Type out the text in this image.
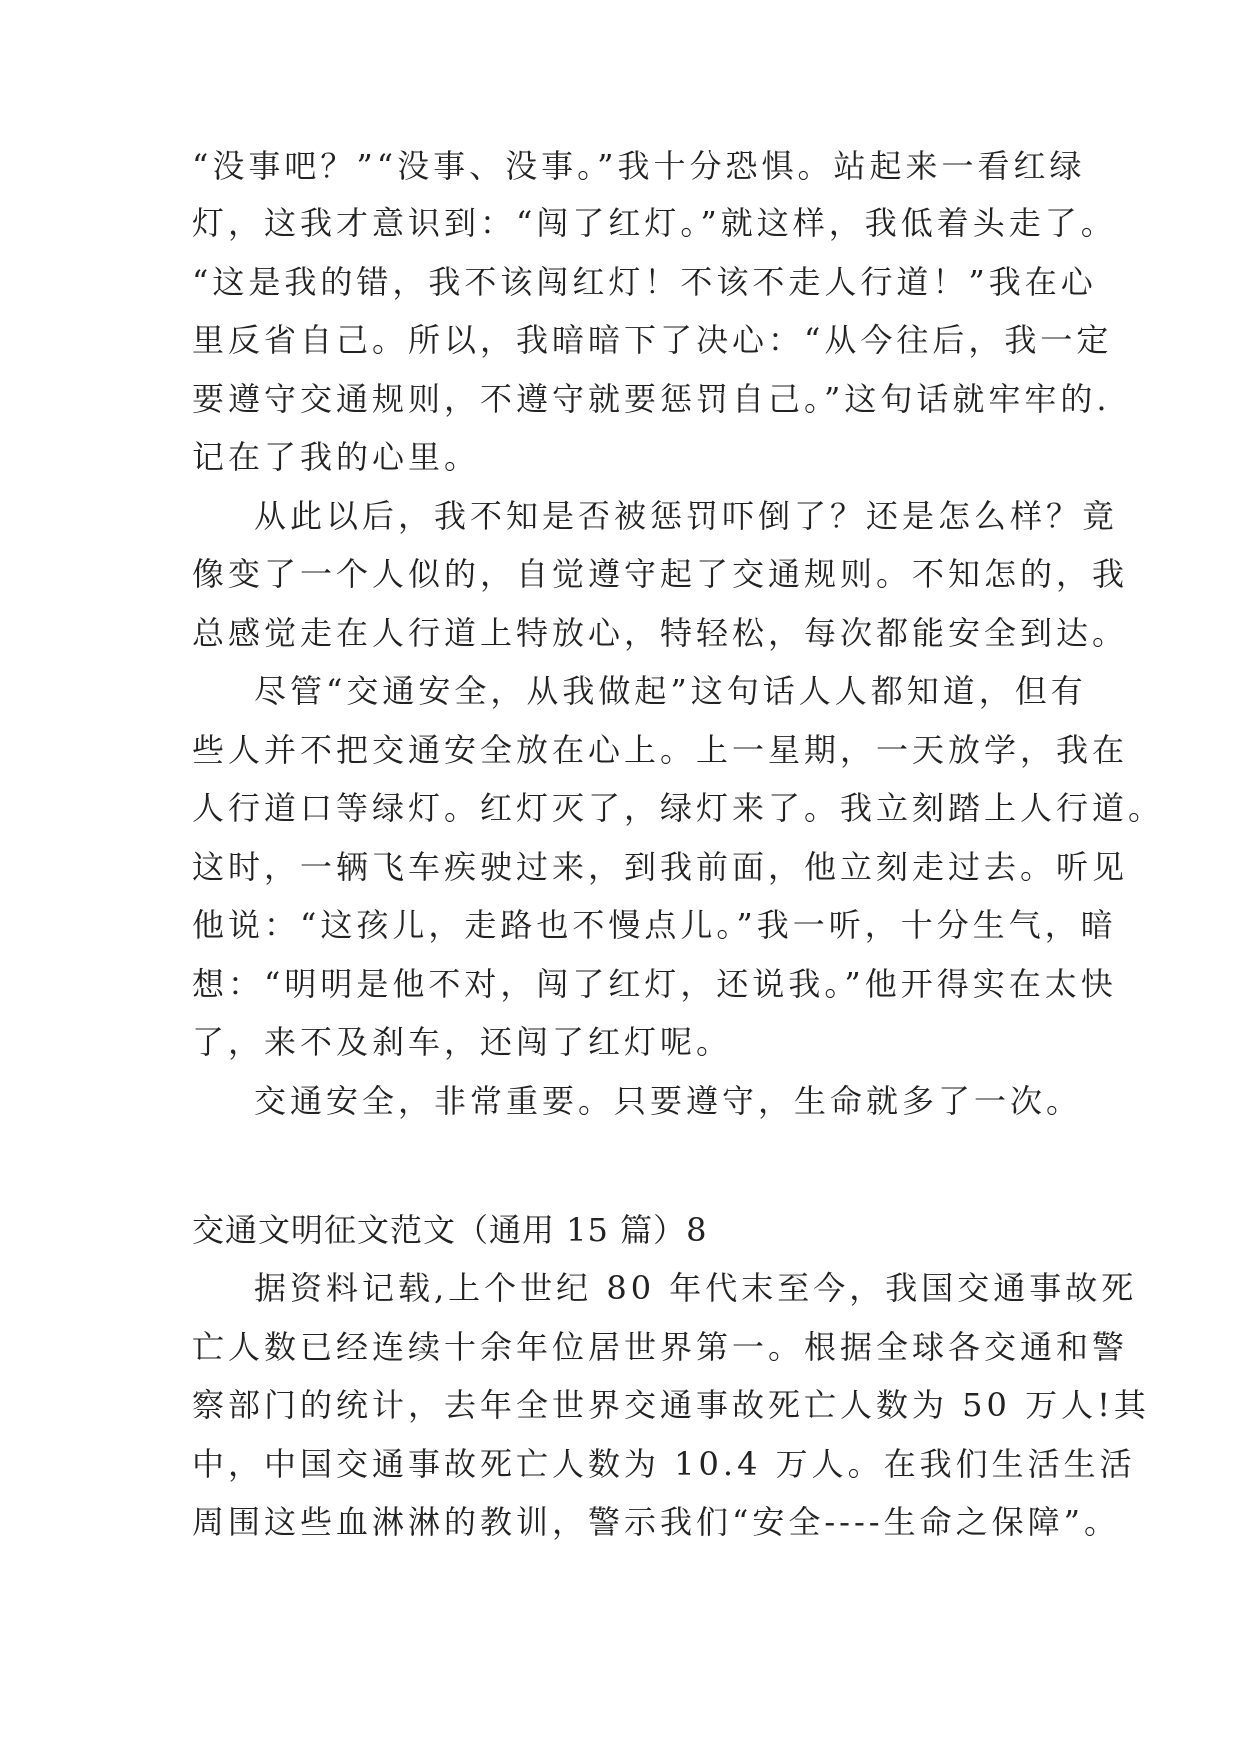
“没事吧？”“没事、没事。”我十分恐惧。站起来一看红绿
灯，这我才意识到：“闯了红灯。”就这样，我低着头走了。
“这是我的错，我不该闯红灯！不该不走人行道！”我在心
里反省自己。所以，我暗暗下了决心：“从今往后，我一定
要遵守交通规则，不遵守就要惩罚自己。”这句话就牢牢的.
记在了我的心里。
从此以后，我不知是否被惩罚吓倒了？还是怎么样？竟
像变了一个人似的，自觉遵守起了交通规则。不知怎的，我
总感觉走在人行道上特放心，特轻松，每次都能安全到达。
尽管“交通安全，从我做起”这句话人人都知道，但有
些人并不把交通安全放在心上。上一星期，一天放学，我在
人行道口等绿灯。红灯灭了，绿灯来了。我立刻踏上人行道。
这时，一辆飞车疾驶过来，到我前面，他立刻走过去。听见
他说：“这孩儿，走路也不慢点儿。”我一听，十分生气，暗
想：“明明是他不对，闯了红灯，还说我。”他开得实在太快
了，来不及刹车，还闯了红灯呢。
交通安全，非常重要。只要遵守，生命就多了一次。
交通文明征文范文（通用 15 篇）8
据资料记载,上个世纪 80 年代末至今，我国交通事故死
亡人数已经连续十余年位居世界第一。根据全球各交通和警
察部门的统计，去年全世界交通事故死亡人数为 50 万人!其
中，中国交通事故死亡人数为 10.4 万人。在我们生活生活
周围这些血淋淋的教训，警示我们“安全----生命之保障”。
